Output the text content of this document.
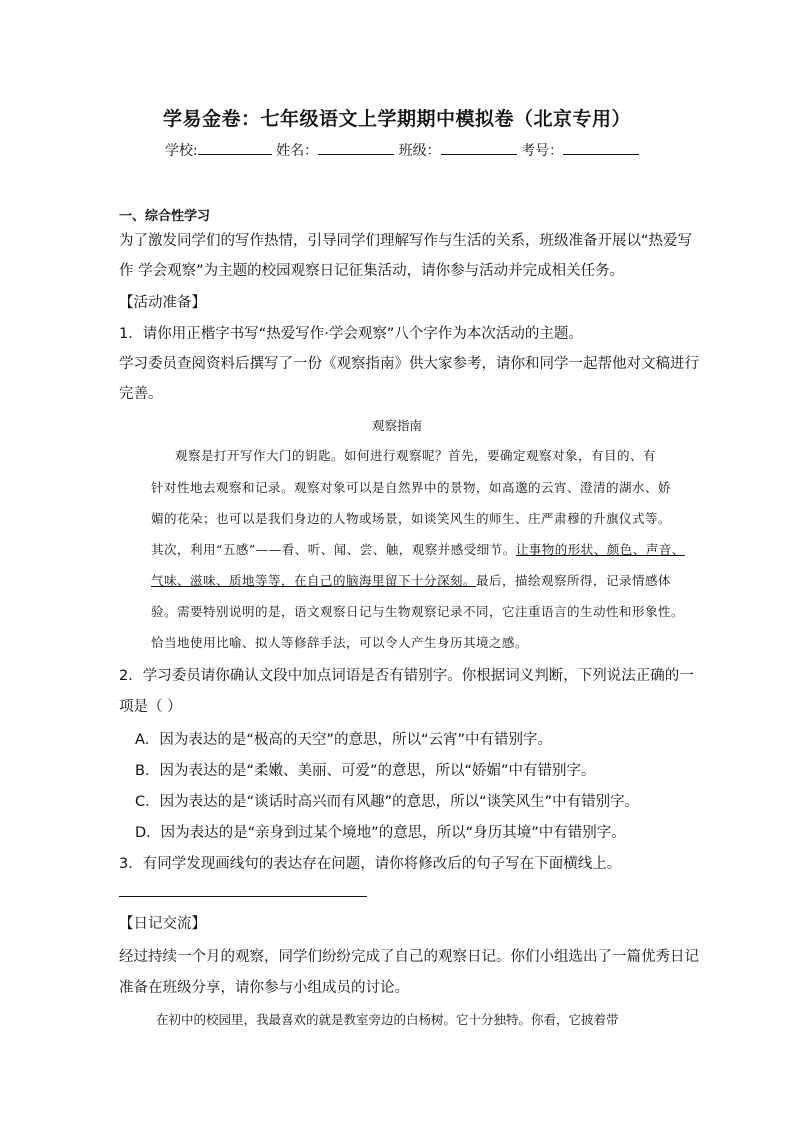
学易金卷：七年级语文上学期期中模拟卷（北京专用）
学校:	姓名：	班级：	考号：
一、综合性学习
为了激发同学们的写作热情，引导同学们理解写作与生活的关系，班级准备开展以“热爱写
作 学会观察”为主题的校园观察日记征集活动，请你参与活动并完成相关任务。
【活动准备】
1．请你用正楷字书写“热爱写作·学会观察”八个字作为本次活动的主题。
学习委员查阅资料后撰写了一份《观察指南》供大家参考，请你和同学一起帮他对文稿进行
完善。
观察指南
观察是打开写作大门的钥匙。如何进行观察呢？首先，要确定观察对象，有目的、有
针对性地去观察和记录。观察对象可以是自然界中的景物，如高邈的云宵、澄清的湖水、娇
媚的花朵；也可以是我们身边的人物或场景，如谈笑风生的师生、庄严肃穆的升旗仪式等。
其次，利用“五感”——看、听、闻、尝、触，观察并感受细节。让事物的形状、颜色、声音、
气味、滋味、质地等等，在自己的脑海里留下十分深刻。最后，描绘观察所得，记录情感体
验。需要特别说明的是，语文观察日记与生物观察记录不同，它注重语言的生动性和形象性。
恰当地使用比喻、拟人等修辞手法，可以令人产生身历其境之感。
2．学习委员请你确认文段中加点词语是否有错别字。你根据词义判断，下列说法正确的一
项是（ ）
A．因为表达的是“极高的天空”的意思，所以“云宵”中有错别字。
B．因为表达的是“柔嫩、美丽、可爱”的意思，所以“娇媚”中有错别字。
C．因为表达的是“谈话时高兴而有风趣”的意思，所以“谈笑风生”中有错别字。
D．因为表达的是“亲身到过某个境地”的意思，所以“身历其境”中有错别字。
3．有同学发现画线句的表达存在问题，请你将修改后的句子写在下面横线上。
【日记交流】
经过持续一个月的观察，同学们纷纷完成了自己的观察日记。你们小组选出了一篇优秀日记
准备在班级分享，请你参与小组成员的讨论。
在初中的校园里，我最喜欢的就是教室旁边的白杨树。它十分独特。你看，它披着带
